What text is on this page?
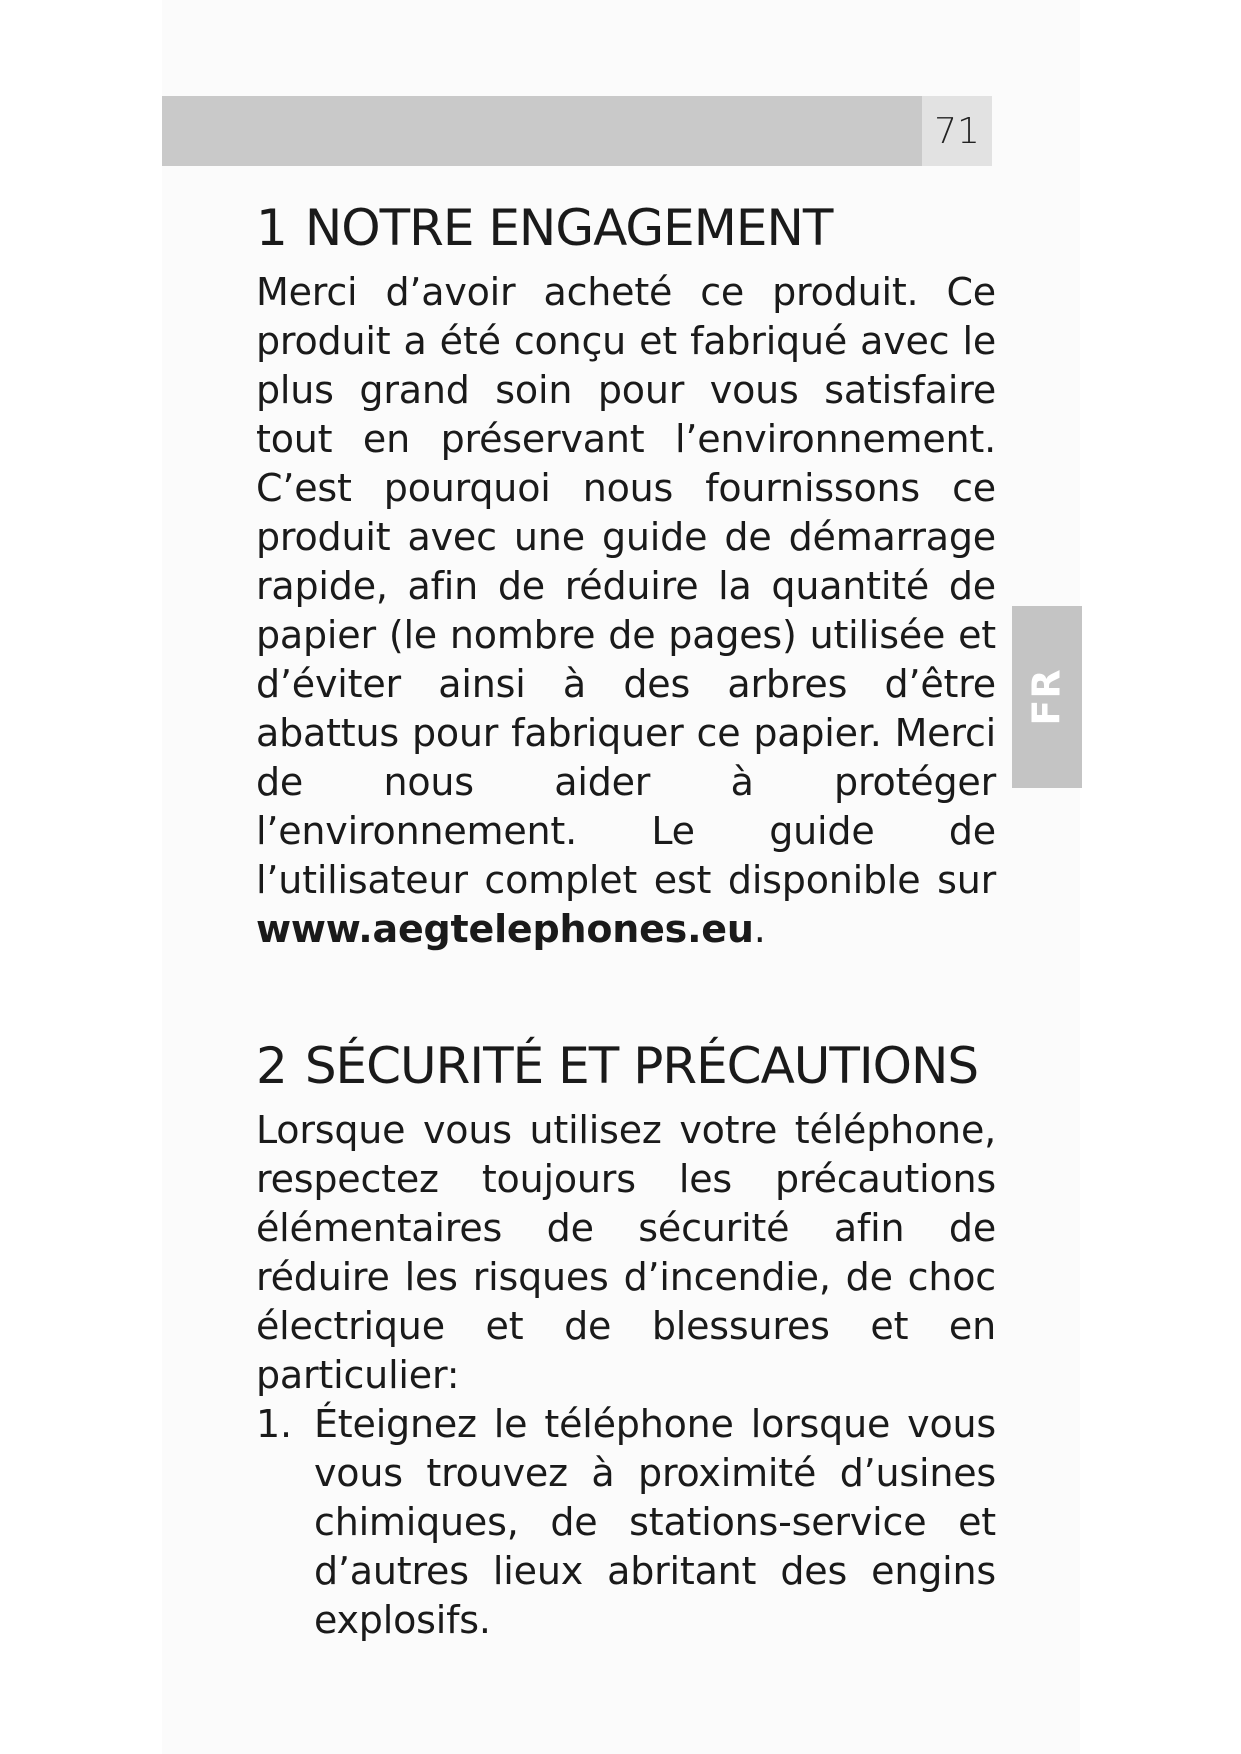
71
FR
1 NOTRE ENGAGEMENT

Merci d’avoir acheté ce produit. Ce produit a été conçu et fabriqué avec le plus grand soin pour vous satisfaire tout en préservant l’environnement. C’est pourquoi nous fournissons ce produit avec une guide de démarrage rapide, afin de réduire la quantité de papier (le nombre de pages) utilisée et d’éviter ainsi à des arbres d’être abattus pour fabriquer ce papier. Merci de nous aider à protéger l’environnement. Le guide de l’utilisateur complet est disponible sur www.aegtelephones.eu.

2 SÉCURITÉ ET PRÉCAUTIONS

Lorsque vous utilisez votre téléphone, respectez toujours les précautions élémentaires de sécurité afin de réduire les risques d’incendie, de choc électrique et de blessures et en particulier:

1. Éteignez le téléphone lorsque vous vous trouvez à proximité d’usines chimiques, de stations-service et d’autres lieux abritant des engins explosifs.
